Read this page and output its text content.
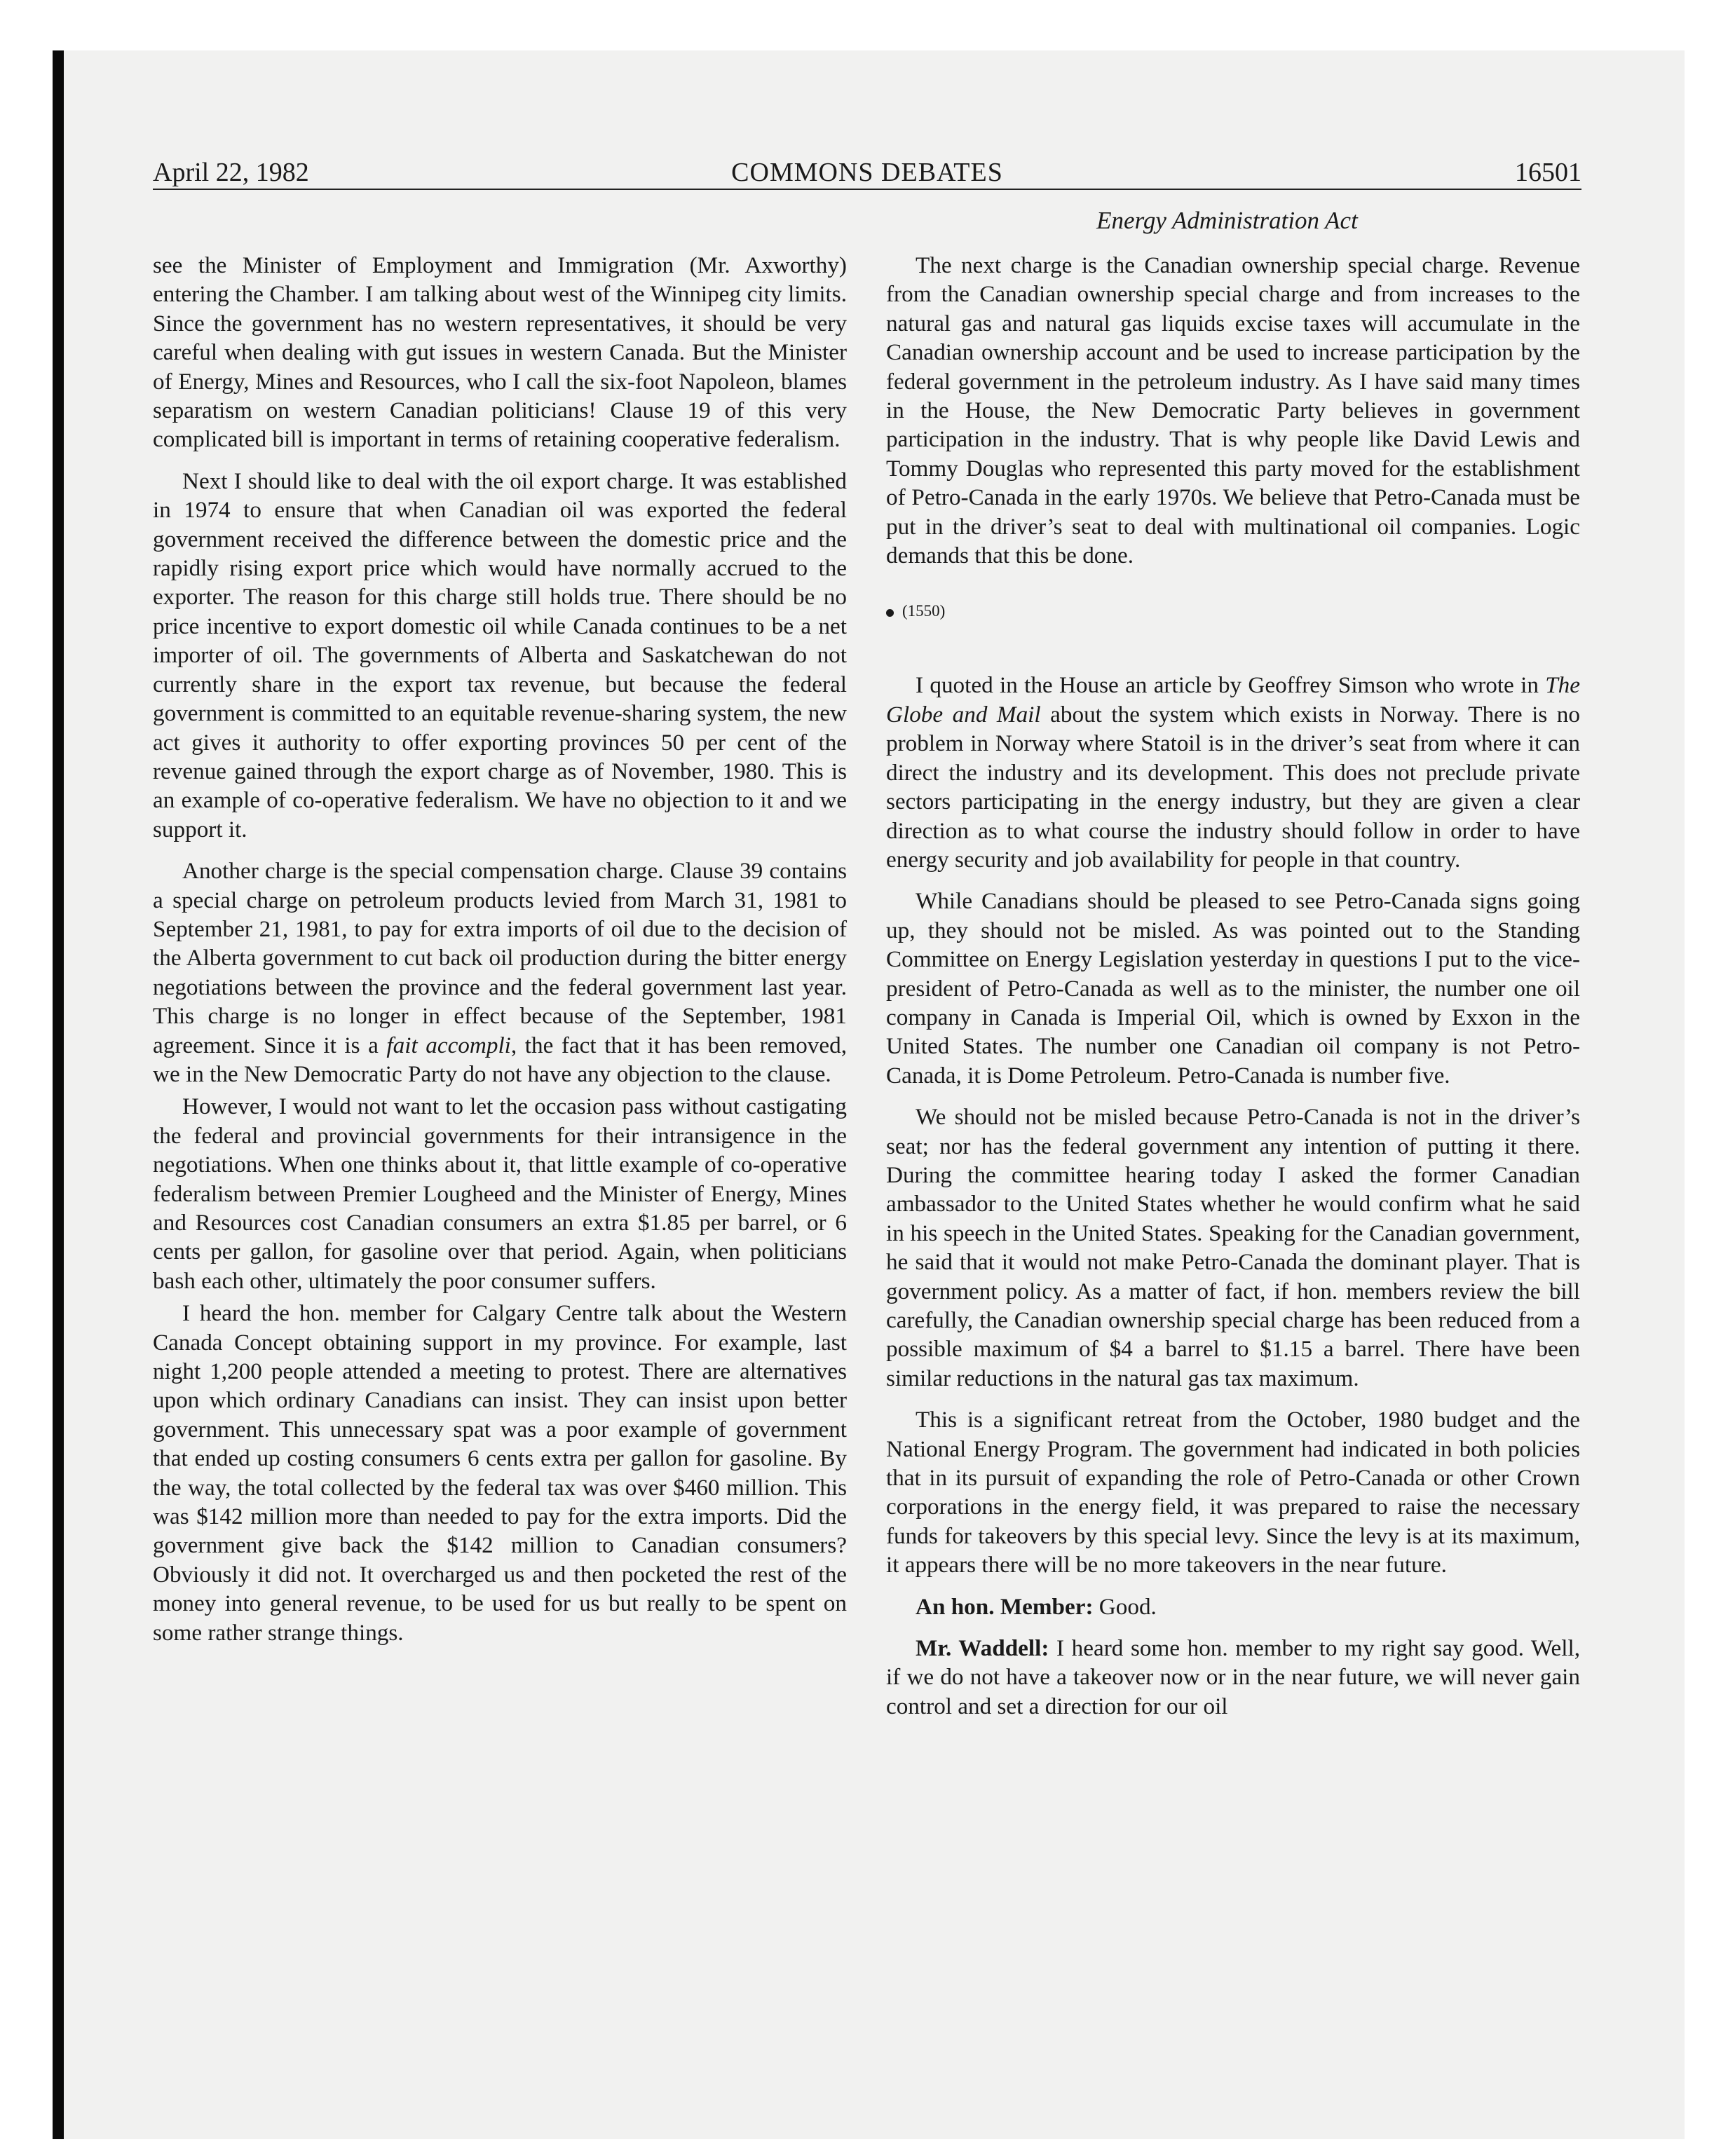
April 22, 1982	COMMONS DEBATES	16501
Energy Administration Act

see the Minister of Employment and Immigration (Mr. Axworthy) entering the Chamber. I am talking about west of the Winnipeg city limits. Since the government has no western representatives, it should be very careful when dealing with gut issues in western Canada. But the Minister of Energy, Mines and Resources, who I call the six-foot Napoleon, blames separatism on western Canadian politicians! Clause 19 of this very complicated bill is important in terms of retaining cooperative federalism.

Next I should like to deal with the oil export charge. It was established in 1974 to ensure that when Canadian oil was exported the federal government received the difference between the domestic price and the rapidly rising export price which would have normally accrued to the exporter. The reason for this charge still holds true. There should be no price incentive to export domestic oil while Canada continues to be a net importer of oil. The governments of Alberta and Saskatchewan do not currently share in the export tax revenue, but because the federal government is committed to an equitable revenue-sharing system, the new act gives it authority to offer exporting provinces 50 per cent of the revenue gained through the export charge as of November, 1980. This is an example of co-operative federalism. We have no objection to it and we support it.

Another charge is the special compensation charge. Clause 39 contains a special charge on petroleum products levied from March 31, 1981 to September 21, 1981, to pay for extra imports of oil due to the decision of the Alberta government to cut back oil production during the bitter energy negotiations between the province and the federal government last year. This charge is no longer in effect because of the September, 1981 agreement. Since it is a fait accompli, the fact that it has been removed, we in the New Democratic Party do not have any objection to the clause.

However, I would not want to let the occasion pass without castigating the federal and provincial governments for their intransigence in the negotiations. When one thinks about it, that little example of co-operative federalism between Premier Lougheed and the Minister of Energy, Mines and Resources cost Canadian consumers an extra $1.85 per barrel, or 6 cents per gallon, for gasoline over that period. Again, when politicians bash each other, ultimately the poor consumer suffers.

I heard the hon. member for Calgary Centre talk about the Western Canada Concept obtaining support in my province. For example, last night 1,200 people attended a meeting to protest. There are alternatives upon which ordinary Canadians can insist. They can insist upon better government. This unnecessary spat was a poor example of government that ended up costing consumers 6 cents extra per gallon for gasoline. By the way, the total collected by the federal tax was over $460 million. This was $142 million more than needed to pay for the extra imports. Did the government give back the $142 million to Canadian consumers? Obviously it did not. It overcharged us and then pocketed the rest of the money into general revenue, to be used for us but really to be spent on some rather strange things.

The next charge is the Canadian ownership special charge. Revenue from the Canadian ownership special charge and from increases to the natural gas and natural gas liquids excise taxes will accumulate in the Canadian ownership account and be used to increase participation by the federal government in the petroleum industry. As I have said many times in the House, the New Democratic Party believes in government participation in the industry. That is why people like David Lewis and Tommy Douglas who represented this party moved for the establishment of Petro-Canada in the early 1970s. We believe that Petro-Canada must be put in the driver’s seat to deal with multinational oil companies. Logic demands that this be done.

(1550)

I quoted in the House an article by Geoffrey Simson who wrote in The Globe and Mail about the system which exists in Norway. There is no problem in Norway where Statoil is in the driver’s seat from where it can direct the industry and its development. This does not preclude private sectors participating in the energy industry, but they are given a clear direction as to what course the industry should follow in order to have energy security and job availability for people in that country.

While Canadians should be pleased to see Petro-Canada signs going up, they should not be misled. As was pointed out to the Standing Committee on Energy Legislation yesterday in questions I put to the vice-president of Petro-Canada as well as to the minister, the number one oil company in Canada is Imperial Oil, which is owned by Exxon in the United States. The number one Canadian oil company is not Petro-Canada, it is Dome Petroleum. Petro-Canada is number five.

We should not be misled because Petro-Canada is not in the driver’s seat; nor has the federal government any intention of putting it there. During the committee hearing today I asked the former Canadian ambassador to the United States whether he would confirm what he said in his speech in the United States. Speaking for the Canadian government, he said that it would not make Petro-Canada the dominant player. That is government policy. As a matter of fact, if hon. members review the bill carefully, the Canadian ownership special charge has been reduced from a possible maximum of $4 a barrel to $1.15 a barrel. There have been similar reductions in the natural gas tax maximum.

This is a significant retreat from the October, 1980 budget and the National Energy Program. The government had indicated in both policies that in its pursuit of expanding the role of Petro-Canada or other Crown corporations in the energy field, it was prepared to raise the necessary funds for takeovers by this special levy. Since the levy is at its maximum, it appears there will be no more takeovers in the near future.

An hon. Member: Good.

Mr. Waddell: I heard some hon. member to my right say good. Well, if we do not have a takeover now or in the near future, we will never gain control and set a direction for our oil
